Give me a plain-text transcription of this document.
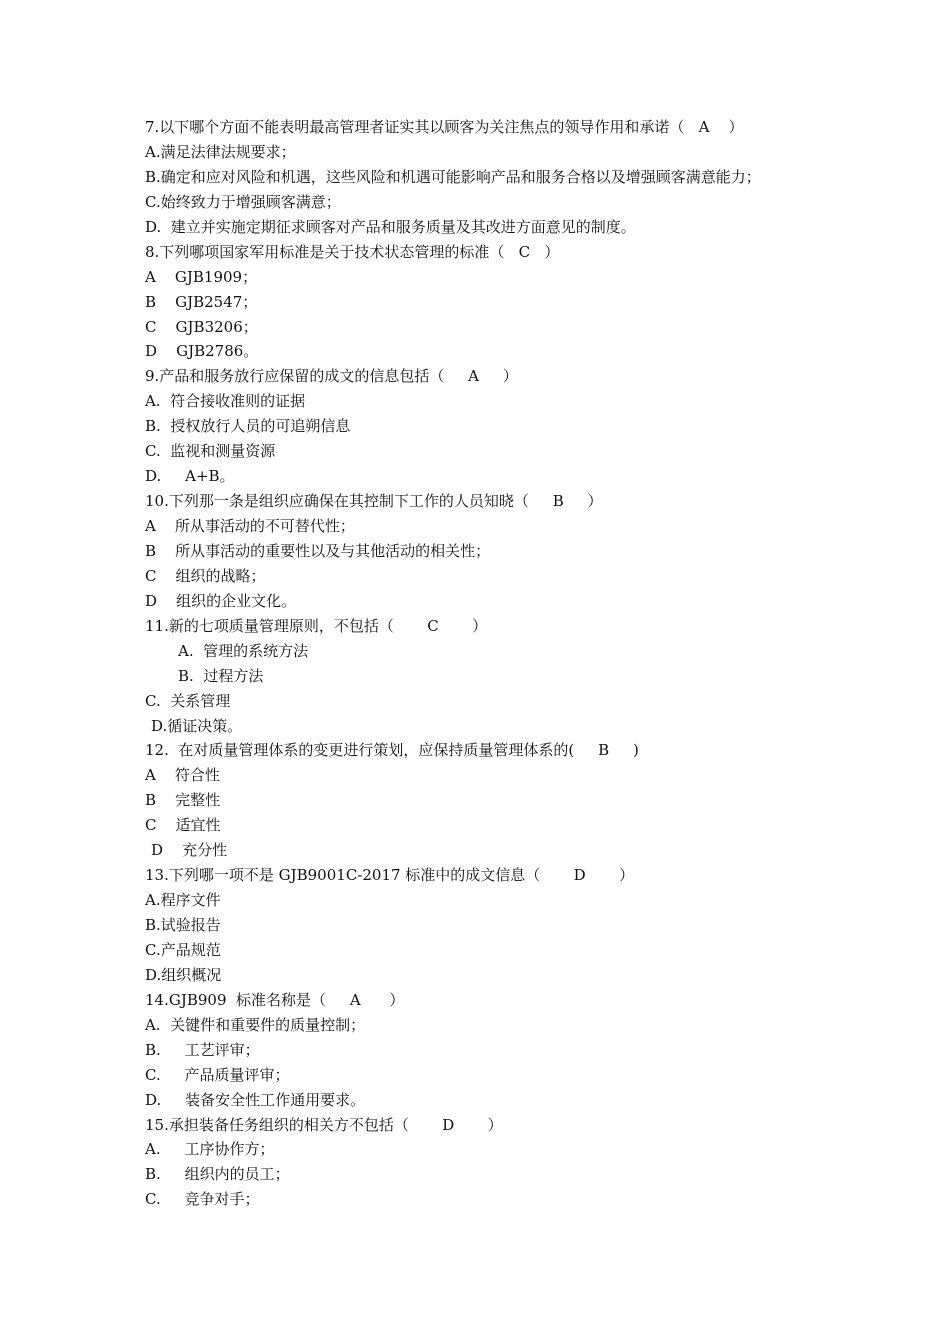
7.以下哪个方面不能表明最高管理者证实其以顾客为关注焦点的领导作用和承诺（   A    ）
A.满足法律法规要求；
B.确定和应对风险和机遇，这些风险和机遇可能影响产品和服务合格以及增强顾客满意能力；
C.始终致力于增强顾客满意；
D.  建立并实施定期征求顾客对产品和服务质量及其改进方面意见的制度。
8.下列哪项国家军用标准是关于技术状态管理的标准（   C   ）
A    GJB1909；
B    GJB2547；
C    GJB3206；
D    GJB2786。
9.产品和服务放行应保留的成文的信息包括（     A     ）
A.  符合接收准则的证据
B.  授权放行人员的可追朔信息
C.  监视和测量资源
D.     A+B。
10.下列那一条是组织应确保在其控制下工作的人员知晓（     B     ）
A    所从事活动的不可替代性；
B    所从事活动的重要性以及与其他活动的相关性；
C    组织的战略；
D    组织的企业文化。
11.新的七项质量管理原则，不包括（       C       ）
A.  管理的系统方法
B.  过程方法
C.  关系管理
D.循证决策。
12.  在对质量管理体系的变更进行策划，应保持质量管理体系的(     B     )
A    符合性
B    完整性
C    适宜性
D    充分性
13.下列哪一项不是 GJB9001C-2017 标准中的成文信息（       D       ）
A.程序文件
B.试验报告
C.产品规范
D.组织概况
14.GJB909  标准名称是（     A      ）
A.  关键件和重要件的质量控制；
B.     工艺评审；
C.     产品质量评审；
D.     装备安全性工作通用要求。
15.承担装备任务组织的相关方不包括（       D       ）
A.     工序协作方；
B.     组织内的员工；
C.     竞争对手；
